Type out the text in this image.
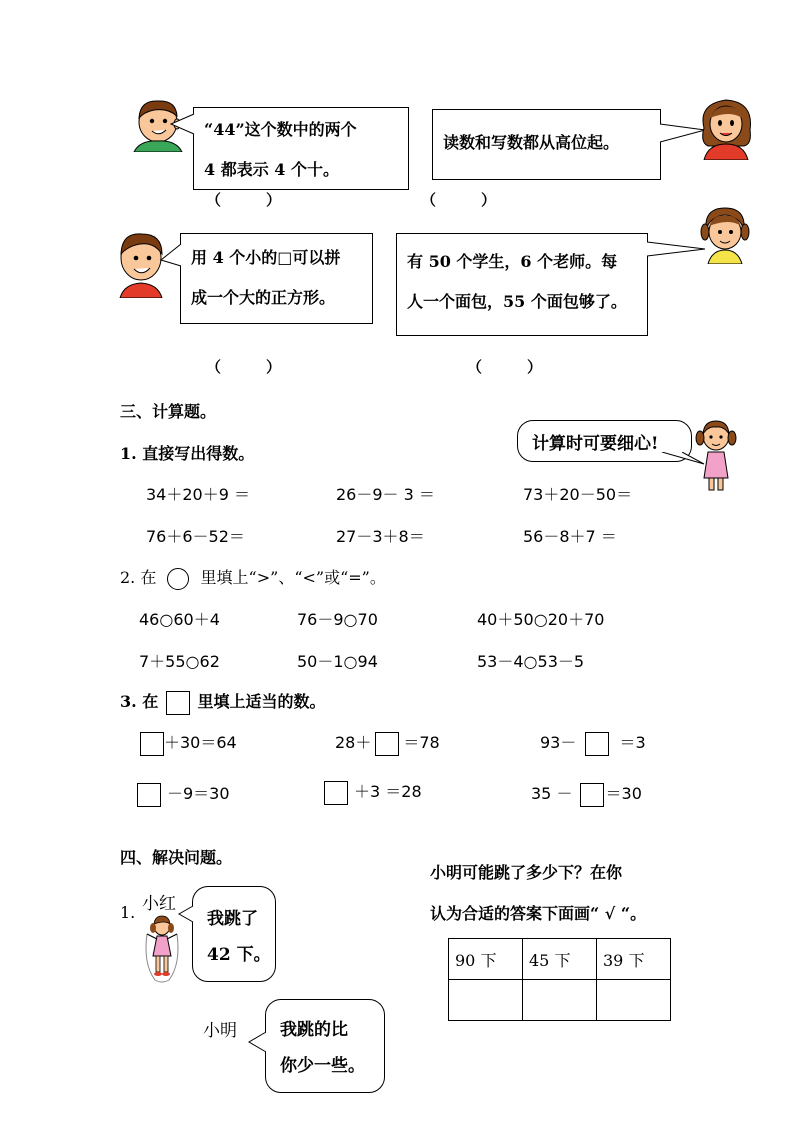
“44”这个数中的两个
4 都表示 4 个十。
读数和写数都从高位起。
（　　　）	（　　　）
用 4 个小的□可以拼
成一个大的正方形。
有 50 个学生，6 个老师。每
人一个面包，55 个面包够了。
（　　　）	（　　　）
三、计算题。
1. 直接写出得数。	计算时可要细心!
34＋20＋9 ＝	26－9－ 3 ＝	73＋20－50＝
76＋6－52＝	27－3＋8＝	56－8＋7 ＝
2. 在	里填上“>”、“<”或“=”。
46○60＋4	76－9○70	40＋50○20＋70
7＋55○62	50－1○94	53－4○53－5
3. 在 里填上适当的数。
＋30＝64	28＋ ＝78	93－	＝3
－9＝30	＋3 ＝28	35 － ＝30
四、解决问题。
1. 小红
我跳了
42 下。
小明	我跳的比
你少一些。
小明可能跳了多少下？在你
认为合适的答案下面画“ √ “。
90 下	45 下	39 下
